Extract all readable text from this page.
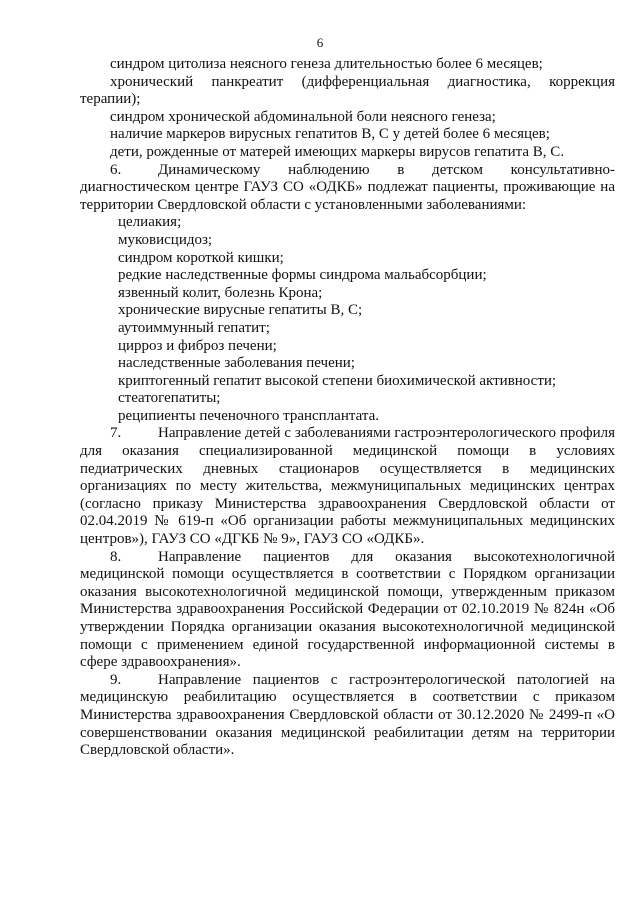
6

синдром цитолиза неясного генеза длительностью более 6 месяцев;

хронический панкреатит (дифференциальная диагностика, коррекция терапии);

синдром хронической абдоминальной боли неясного генеза;

наличие маркеров вирусных гепатитов В, С у детей более 6 месяцев;

дети, рожденные от матерей имеющих маркеры вирусов гепатита В, С.

6. Динамическому наблюдению в детском консультативно-диагностическом центре ГАУЗ СО «ОДКБ» подлежат пациенты, проживающие на территории Свердловской области с установленными заболеваниями:

целиакия;

муковисцидоз;

синдром короткой кишки;

редкие наследственные формы синдрома мальабсорбции;

язвенный колит, болезнь Крона;

хронические вирусные гепатиты В, С;

аутоиммунный гепатит;

цирроз и фиброз печени;

наследственные заболевания печени;

криптогенный гепатит высокой степени биохимической активности;

стеатогепатиты;

реципиенты печеночного трансплантата.

7. Направление детей с заболеваниями гастроэнтерологического профиля для оказания специализированной медицинской помощи в условиях педиатрических дневных стационаров осуществляется в медицинских организациях по месту жительства, межмуниципальных медицинских центрах (согласно приказу Министерства здравоохранения Свердловской области от 02.04.2019 № 619-п «Об организации работы межмуниципальных медицинских центров»), ГАУЗ СО «ДГКБ № 9», ГАУЗ СО «ОДКБ».

8. Направление пациентов для оказания высокотехнологичной медицинской помощи осуществляется в соответствии с Порядком организации оказания высокотехнологичной медицинской помощи, утвержденным приказом Министерства здравоохранения Российской Федерации от 02.10.2019 № 824н «Об утверждении Порядка организации оказания высокотехнологичной медицинской помощи с применением единой государственной информационной системы в сфере здравоохранения».

9. Направление пациентов с гастроэнтерологической патологией на медицинскую реабилитацию осуществляется в соответствии с приказом Министерства здравоохранения Свердловской области от 30.12.2020 № 2499-п «О совершенствовании оказания медицинской реабилитации детям на территории Свердловской области».
